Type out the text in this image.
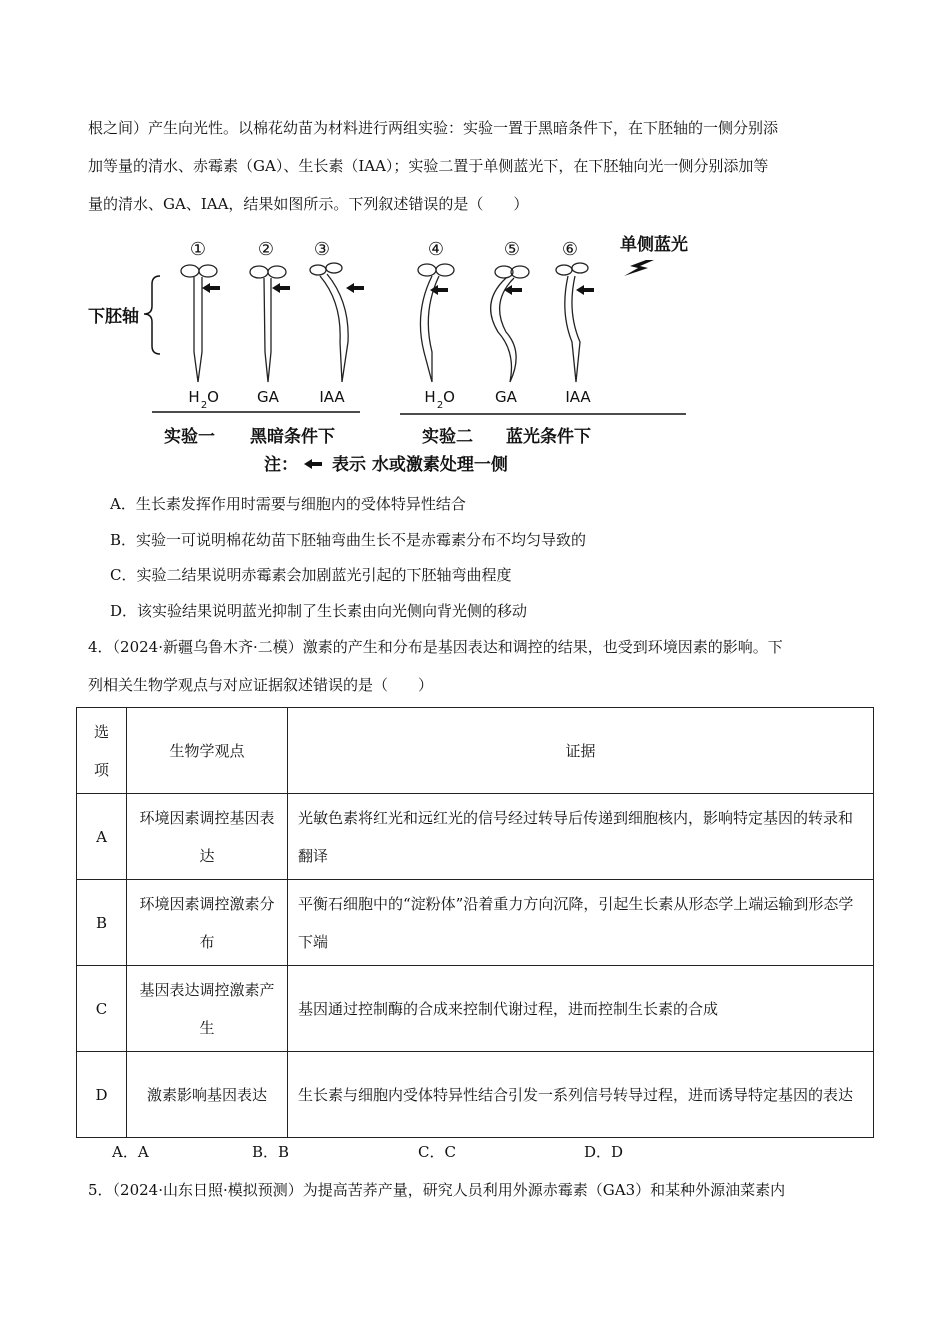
根之间）产生向光性。以棉花幼苗为材料进行两组实验：实验一置于黑暗条件下，在下胚轴的一侧分别添
加等量的清水、赤霉素（GA）、生长素（IAA）；实验二置于单侧蓝光下，在下胚轴向光一侧分别添加等
量的清水、GA、IAA，结果如图所示。下列叙述错误的是（　　）
①	② ③	④	⑤ ⑥ 单侧蓝光
下胚轴
H 2 O	GA	IAA	H 2 O	GA	IAA
实验一 黑暗条件下	实验二 蓝光条件下
注： 表示 水或激素处理一侧
A．生长素发挥作用时需要与细胞内的受体特异性结合
B．实验一可说明棉花幼苗下胚轴弯曲生长不是赤霉素分布不均匀导致的
C．实验二结果说明赤霉素会加剧蓝光引起的下胚轴弯曲程度
D．该实验结果说明蓝光抑制了生长素由向光侧向背光侧的移动
4．（2024·新疆乌鲁木齐·二模）激素的产生和分布是基因表达和调控的结果，也受到环境因素的影响。下
列相关生物学观点与对应证据叙述错误的是（　　）
选项	生物学观点	证据
A	环境因素调控基因表达	光敏色素将红光和远红光的信号经过转导后传递到细胞核内，影响特定基因的转录和翻译
B	环境因素调控激素分布	平衡石细胞中的“淀粉体”沿着重力方向沉降，引起生长素从形态学上端运输到形态学下端
C	基因表达调控激素产生	基因通过控制酶的合成来控制代谢过程，进而控制生长素的合成
D	激素影响基因表达	生长素与细胞内受体特异性结合引发一系列信号转导过程，进而诱导特定基因的表达
A．A	B．B	C．C	D．D
5．（2024·山东日照·模拟预测）为提高苦荞产量，研究人员利用外源赤霉素（GA3）和某种外源油菜素内
